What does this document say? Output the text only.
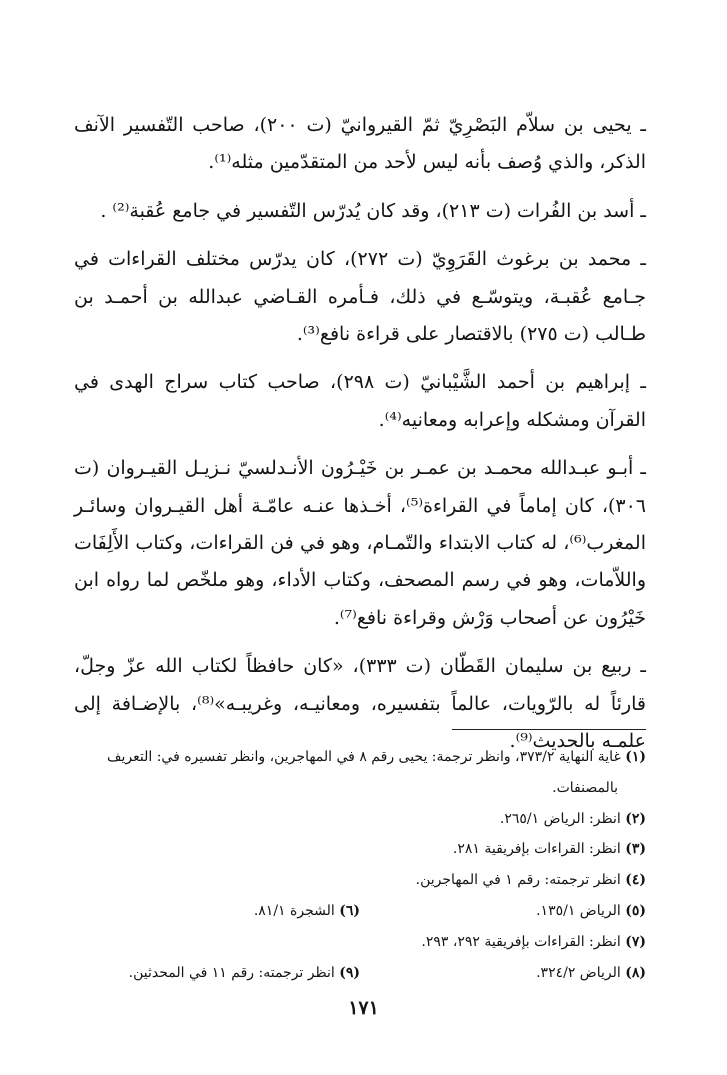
ـ يحيى بن سلاّم البَصْرِيّ ثمّ القيروانيّ (ت ٢٠٠)، صاحب التّفسير الآنف الذكر، والذي وُصف بأنه ليس لأحد من المتقدّمين مثله⁽¹⁾.

ـ أسد بن الفُرات (ت ٢١٣)، وقد كان يُدرّس التّفسير في جامع عُقبة⁽²⁾ .

ـ محمد بن برغوث القَرَوِيّ (ت ٢٧٢)، كان يدرّس مختلف القراءات في جـامع عُقبـة، ويتوسّـع في ذلك، فـأمره القـاضي عبدالله بن أحمـد بن طـالب (ت ٢٧٥) بالاقتصار على قراءة نافع⁽³⁾.

ـ إبراهيم بن أحمد الشَّيْبانيّ (ت ٢٩٨)، صاحب كتاب سراج الهدى في القرآن ومشكله وإعرابه ومعانيه⁽⁴⁾.

ـ أبـو عبـدالله محمـد بن عمـر بن خَيْـرُون الأنـدلسيّ نـزيـل القيـروان (ت ٣٠٦)، كان إماماً في القراءة⁽⁵⁾، أخـذها عنـه عامّـة أهل القيـروان وسائـر المغرب⁽⁶⁾، له كتاب الابتداء والتّمـام، وهو في فن القراءات، وكتاب الأَلِفَات واللاّمات، وهو في رسم المصحف، وكتاب الأداء، وهو ملخّص لما رواه ابن خَيْرُون عن أصحاب وَرْش وقراءة نافع⁽⁷⁾.

ـ ربيع بن سليمان القَطّان (ت ٣٣٣)، «كان حافظاً لكتاب الله عزّ وجلّ، قارئاً له بالرّويات، عالماً بتفسيره، ومعانيـه، وغريبـه»⁽⁸⁾، بالإضـافة إلى علمـه بالحديث⁽⁹⁾.

(١) غاية النهاية ٣٧٣/٢، وانظر ترجمة: يحيى رقم ٨ في المهاجرين، وانظر تفسيره في: التعريف بالمصنفات.

(٢) انظر: الرياض ٢٦٥/١.

(٣) انظر: القراءات بإفريقية ٢٨١.

(٤) انظر ترجمته: رقم ١ في المهاجرين.

(٥) الرياض ١٣٥/١.

(٦) الشجرة ٨١/١.

(٧) انظر: القراءات بإفريقية ٢٩٢، ٢٩٣.

(٨) الرياض ٣٢٤/٢.

(٩) انظر ترجمته: رقم ١١ في المحدثين.

١٧١
